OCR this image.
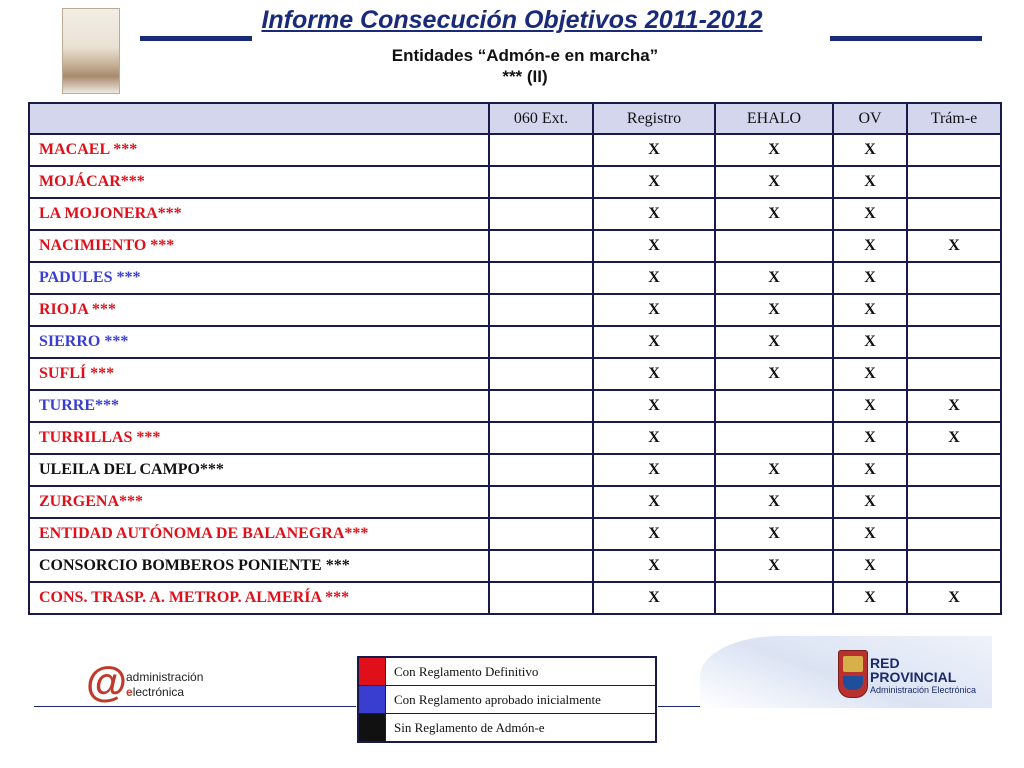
Informe Consecución Objetivos 2011-2012
Entidades “Admón-e en marcha”
*** (II)
	060 Ext.	Registro	EHALO	OV	Trám-e
MACAEL ***		X	X	X	
MOJÁCAR***		X	X	X	
LA MOJONERA***		X	X	X	
NACIMIENTO ***		X		X	X
PADULES ***		X	X	X	
RIOJA ***		X	X	X	
SIERRO ***		X	X	X	
SUFLÍ ***		X	X	X	
TURRE***		X		X	X
TURRILLAS ***		X		X	X
ULEILA DEL CAMPO***		X	X	X	
ZURGENA***		X	X	X	
ENTIDAD AUTÓNOMA DE BALANEGRA***		X	X	X	
CONSORCIO BOMBEROS PONIENTE ***		X	X	X	
CONS. TRASP. A. METROP. ALMERÍA ***		X		X	X
	Con Reglamento Definitivo
	Con Reglamento aprobado inicialmente
	Sin Reglamento de Admón-e
@ administración
electrónica
RED
PROVINCIAL
Administración Electrónica
